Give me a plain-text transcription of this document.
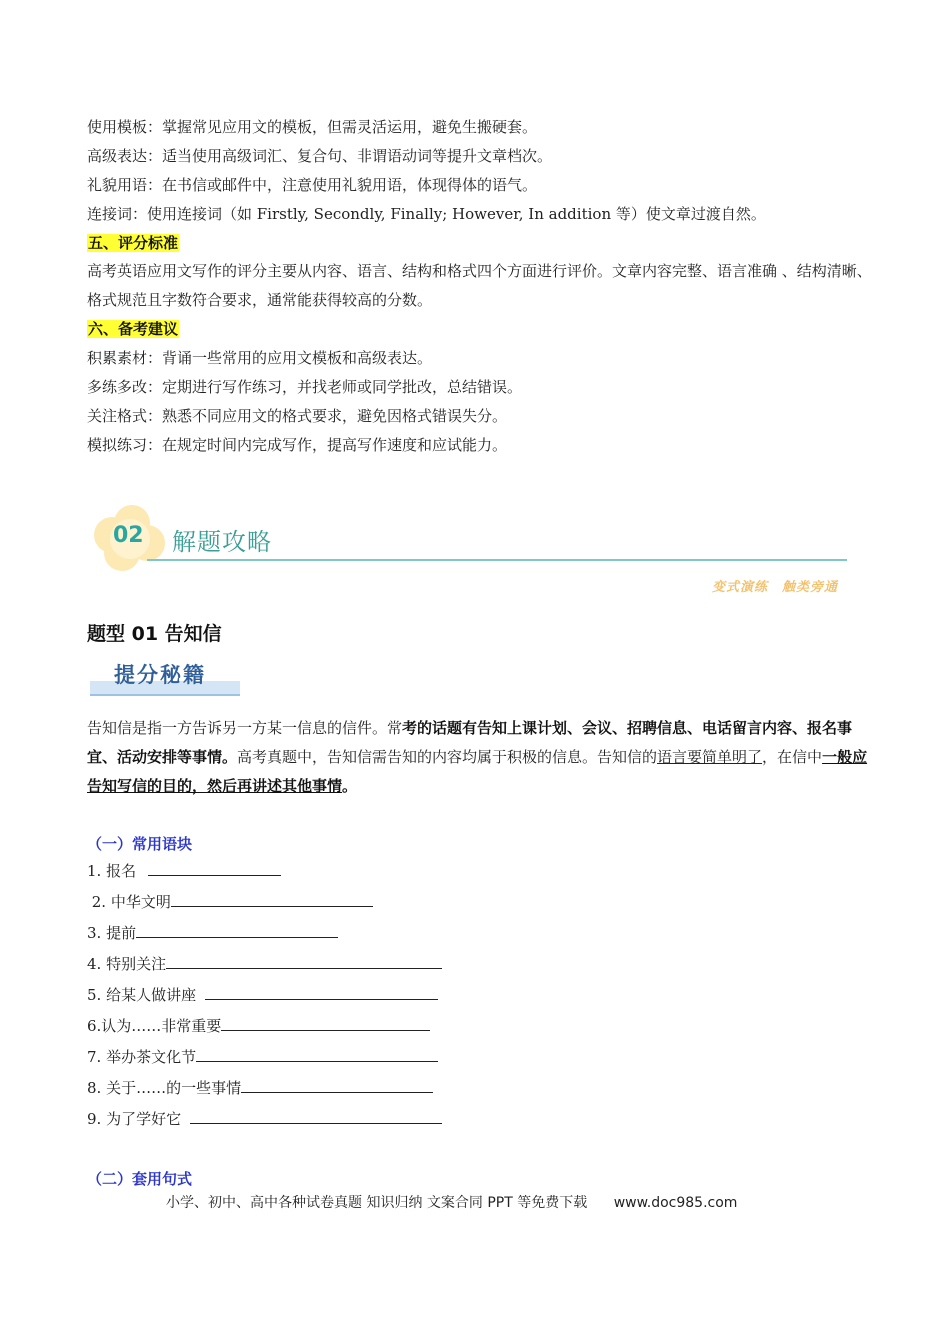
使用模板：掌握常见应用文的模板，但需灵活运用，避免生搬硬套。
高级表达：适当使用高级词汇、复合句、非谓语动词等提升文章档次。
礼貌用语：在书信或邮件中，注意使用礼貌用语，体现得体的语气。
连接词：使用连接词（如 Firstly, Secondly, Finally; However, In addition 等）使文章过渡自然。
五、评分标准
高考英语应用文写作的评分主要从内容、语言、结构和格式四个方面进行评价。文章内容完整、语言准确 、结构清晰、格式规范且字数符合要求，通常能获得较高的分数。
六、备考建议
积累素材：背诵一些常用的应用文模板和高级表达。
多练多改：定期进行写作练习，并找老师或同学批改，总结错误。
关注格式：熟悉不同应用文的格式要求，避免因格式错误失分。
模拟练习：在规定时间内完成写作，提高写作速度和应试能力。
02 解题攻略
变式演练　触类旁通
题型 01 告知信
提分秘籍
告知信是指一方告诉另一方某一信息的信件。常考的话题有告知上课计划、会议、招聘信息、电话留言内容、报名事宜、活动安排等事情。高考真题中，告知信需告知的内容均属于积极的信息。告知信的语言要简单明了，在信中一般应告知写信的目的，然后再讲述其他事情。
（一）常用语块
1. 报名
2. 中华文明
3. 提前
4. 特别关注
5. 给某人做讲座
6.认为……非常重要
7. 举办茶文化节
8. 关于……的一些事情
9. 为了学好它
（二）套用句式
小学、初中、高中各种试卷真题 知识归纳 文案合同 PPT 等免费下载 www.doc985.com
